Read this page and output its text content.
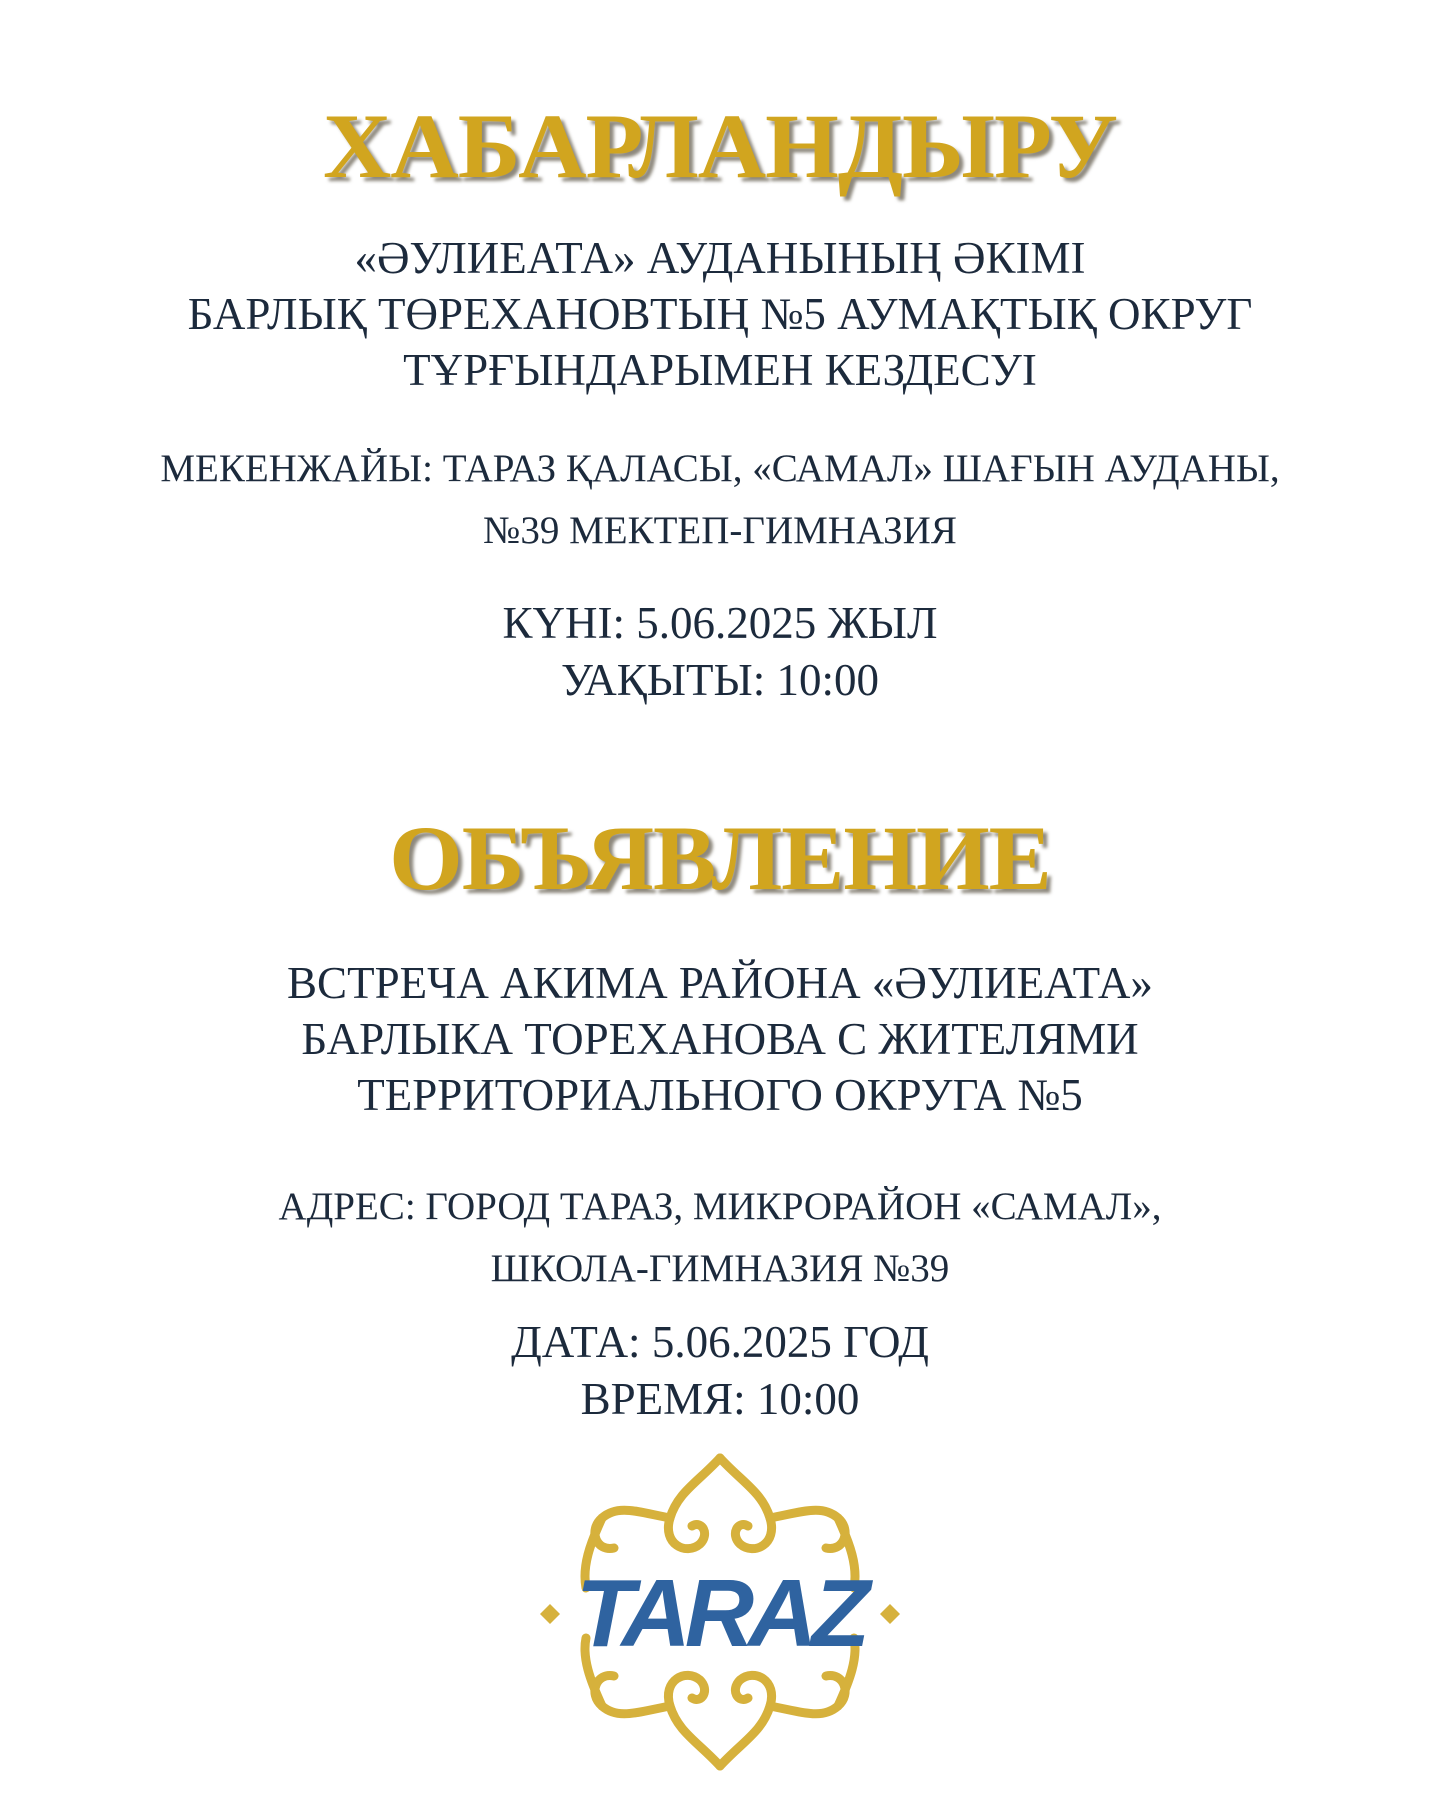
ХАБАРЛАНДЫРУ
«ӘУЛИЕАТА» АУДАНЫНЫҢ ӘКІМІ
БАРЛЫҚ ТӨРЕХАНОВТЫҢ №5 АУМАҚТЫҚ ОКРУГ
ТҰРҒЫНДАРЫМЕН КЕЗДЕСУІ
МЕКЕНЖАЙЫ: ТАРАЗ ҚАЛАСЫ, «САМАЛ» ШАҒЫН АУДАНЫ,
№39 МЕКТЕП-ГИМНАЗИЯ
КҮНІ: 5.06.2025 ЖЫЛ
УАҚЫТЫ: 10:00
ОБЪЯВЛЕНИЕ
ВСТРЕЧА АКИМА РАЙОНА «ӘУЛИЕАТА»
БАРЛЫКА ТОРЕХАНОВА С ЖИТЕЛЯМИ
ТЕРРИТОРИАЛЬНОГО ОКРУГА №5
АДРЕС: ГОРОД ТАРАЗ, МИКРОРАЙОН «САМАЛ»,
ШКОЛА-ГИМНАЗИЯ №39
ДАТА: 5.06.2025 ГОД
ВРЕМЯ: 10:00
TARAZ
